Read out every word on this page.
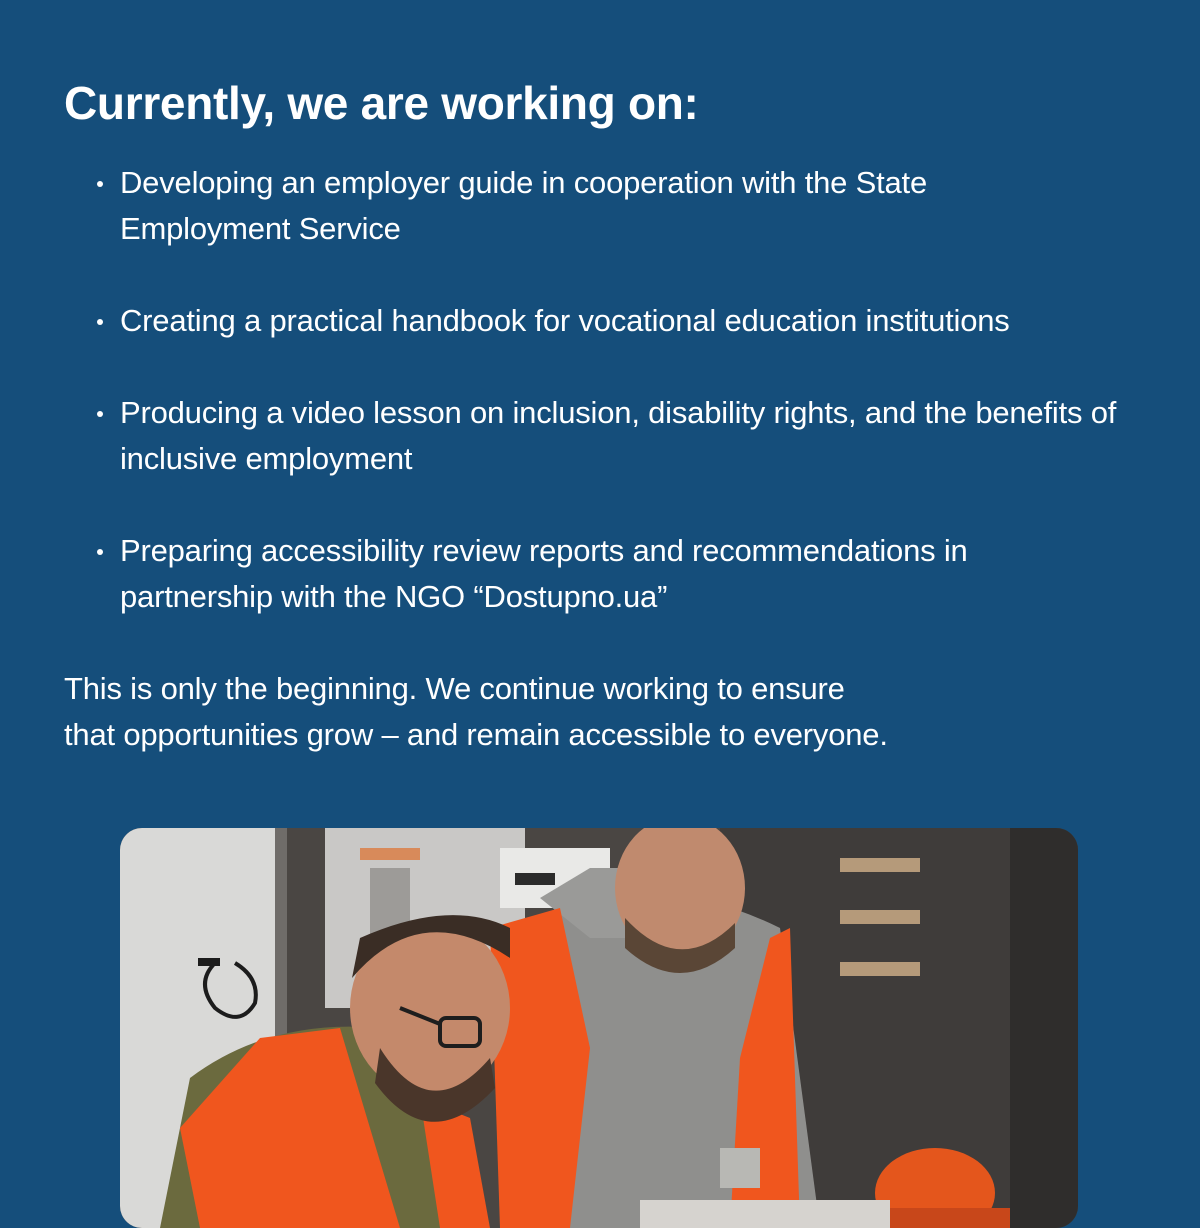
Currently, we are working on:
Developing an employer guide in cooperation with the State Employment Service
Creating a practical handbook for vocational education institutions
Producing a video lesson on inclusion, disability rights, and the benefits of inclusive employment
Preparing accessibility review reports and recommendations in partnership with the NGO “Dostupno.ua”

This is only the beginning. We continue working to ensure
that opportunities grow – and remain accessible to everyone.
